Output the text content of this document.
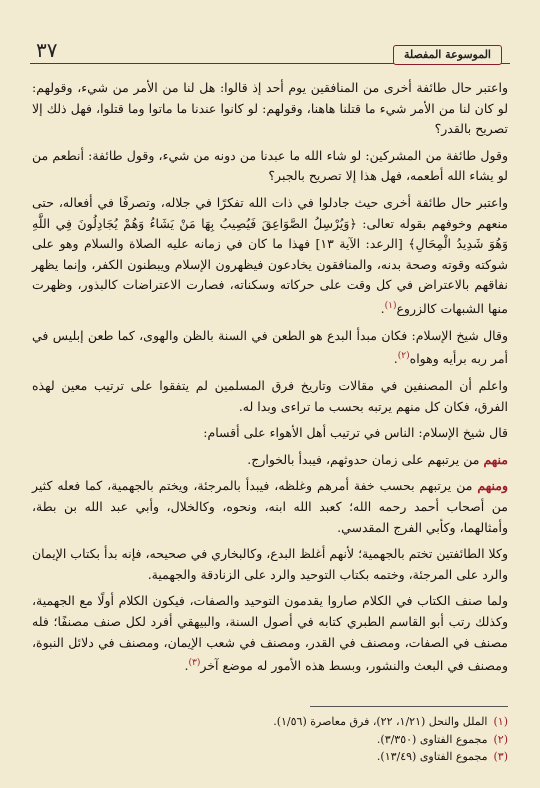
٣٧	الموسوعة المفصلة

واعتبر حال طائفة أخرى من المنافقين يوم أحد إذ قالوا: هل لنا من الأمر من شيء، وقولهم: لو كان لنا من الأمر شيء ما قتلنا هاهنا، وقولهم: لو كانوا عندنا ما ماتوا وما قتلوا، فهل ذلك إلا تصريح بالقدر؟

وقول طائفة من المشركين: لو شاء الله ما عبدنا من دونه من شيء، وقول طائفة: أنطعم من لو يشاء الله أطعمه، فهل هذا إلا تصريح بالجبر؟

واعتبر حال طائفة أخرى حيث جادلوا في ذات الله تفكرًا في جلاله، وتصرفًا في أفعاله، حتى منعهم وخوفهم بقوله تعالى: ﴿وَيُرْسِلُ الصَّوَاعِقَ فَيُصِيبُ بِهَا مَنْ يَشَاءُ وَهُمْ يُجَادِلُونَ فِي اللَّهِ وَهُوَ شَدِيدُ الْمِحَالِ﴾ [الرعد: الآية ١٣] فهذا ما كان في زمانه عليه الصلاة والسلام وهو على شوكته وقوته وصحة بدنه، والمنافقون يخادعون فيظهرون الإسلام ويبطنون الكفر، وإنما يظهر نفاقهم بالاعتراض في كل وقت على حركاته وسكناته، فصارت الاعتراضات كالبذور، وظهرت منها الشبهات كالزروع$^{(١)}$.

وقال شيخ الإسلام: فكان مبدأ البدع هو الطعن في السنة بالظن والهوى، كما طعن إبليس في أمر ربه برأيه وهواه$^{(٢)}$.

واعلم أن المصنفين في مقالات وتاريخ فرق المسلمين لم يتفقوا على ترتيب معين لهذه الفرق، فكان كل منهم يرتبه بحسب ما تراءى وبدا له.

قال شيخ الإسلام: الناس في ترتيب أهل الأهواء على أقسام:

منهم من يرتبهم على زمان حدوثهم، فيبدأ بالخوارج.

ومنهم من يرتبهم بحسب خفة أمرهم وغلظه، فيبدأ بالمرجئة، ويختم بالجهمية، كما فعله كثير من أصحاب أحمد رحمه الله؛ كعبد الله ابنه، ونحوه، وكالخلال، وأبي عبد الله بن بطة، وأمثالهما، وكأبي الفرج المقدسي.

وكلا الطائفتين تختم بالجهمية؛ لأنهم أغلظ البدع، وكالبخاري في صحيحه، فإنه بدأ بكتاب الإيمان والرد على المرجئة، وختمه بكتاب التوحيد والرد على الزنادقة والجهمية.

ولما صنف الكتاب في الكلام صاروا يقدمون التوحيد والصفات، فيكون الكلام أولًا مع الجهمية، وكذلك رتب أبو القاسم الطبري كتابه في أصول السنة، والبيهقي أفرد لكل صنف مصنفًا؛ فله مصنف في الصفات، ومصنف في القدر، ومصنف في شعب الإيمان، ومصنف في دلائل النبوة، ومصنف في البعث والنشور، وبسط هذه الأمور له موضع آخر$^{(٣)}$.

(١)
الملل والنحل (١/٢١، ٢٢)، فرق معاصرة (١/٥٦).
(٢)
مجموع الفتاوى (٣/٣٥٠).
(٣)
مجموع الفتاوى (١٣/٤٩).
